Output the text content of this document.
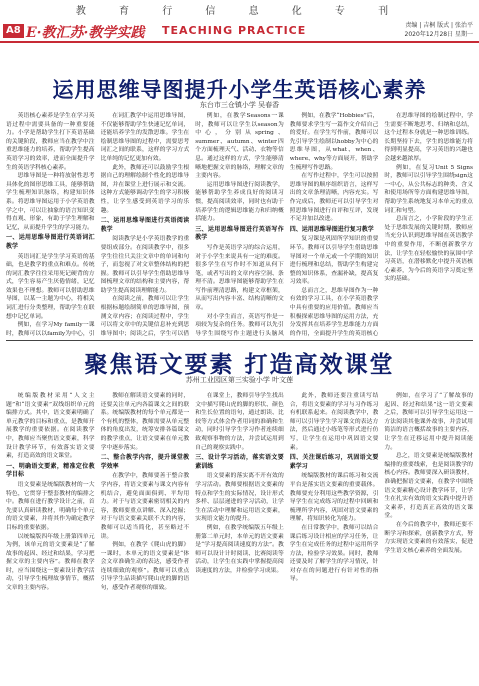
教 育 行 信 息 化 专 刊
A8 E·教汇苏·教学实践 TEACHING PRACTICE	责编 | 吉桐 版式 | 张治平
2020年12月28日 星期一
运用思维导图提升小学生英语核心素养
东台市三仓镇小学 吴春香

英语核心素养是学生在学习英语过程中需要具备的一种重要能力。小学是帮助学生打下英语基础的关键阶段，教师应当在教学中注重思维能力的培养，帮助学生提高英语学习的效率，进而全面提升学生的英语学科核心素养。

思维导图是一种将放射性思考具体化的图形思维工具，能够帮助学生梳理知识脉络，构建知识体系。将思维导图运用于小学英语教学之中，可以让抽象的语言知识变得直观、形象，有助于学生理解和记忆，从而提升学生的学习能力。

一、运用思维导图进行英语词汇教学

英语词汇是学生学习英语的基础，也是教学的重点和难点。传统的词汇教学往往采用死记硬背的方式，学生容易产生厌倦情绪，记忆效果也不理想。教师可以借助思维导图，以某一主题为中心，将相关词汇进行分类整理，帮助学生在联想中记忆单词。

例如，在学习My family一课时，教师可以以family为中心，引

在词汇教学中运用思维导图，不仅能够帮助学生快速记忆单词，还能培养学生的发散思维。学生在绘制思维导图的过程中，需要思考词汇之间的联系，这样的学习方式比单纯的记忆更加有效。

此外，教师还可以鼓励学生根据自己的理解绘制个性化的思维导图，并在课堂上进行展示和交流。这种方式能够调动学生的学习积极性，让学生感受到英语学习的乐趣。

二、运用思维导图进行英语阅读教学

阅读教学是小学英语教学的重要组成部分。在阅读教学中，很多学生往往只关注文章中的单词和句子，而忽视了对文章整体结构的把握。教师可以引导学生借助思维导图梳理文章的结构和主要内容，帮助学生提高阅读理解能力。

在阅读之前，教师可以让学生根据标题绘制简单的思维导图，预测文章内容；在阅读过程中，学生可以将文章中的关键信息补充到思维导图中；阅读之后，学生可以借

例如，在教学Seasons一课时，教师可以让学生以season为中心，分别从spring、summer、autumn、winter四个方面梳理天气、活动、衣物等信息。通过这样的方式，学生能够清晰地把握文章的脉络，理解文章的主要内容。

运用思维导图进行阅读教学，能够帮助学生养成良好的阅读习惯，提高阅读效率，同时也有助于培养学生的逻辑思维能力和归纳概括能力。

三、运用思维导图进行英语写作教学

写作是英语学习的综合运用，对于小学生来说具有一定的难度。很多学生在写作时不知道从何下笔，或者写出的文章内容空洞、条理不清。思维导图能够帮助学生在写作前理清思路，构建文章框架，从而写出内容丰富、结构清晰的文章。

对小学生而言，英语写作是一项较为复杂的任务。教师可以先引导学生围绕写作主题进行头脑风

例如，在教学“Hobbies”后，教师要求学生写一篇作文介绍自己的爱好。在学生写作前，教师可以先引导学生绘制以hobby为中心的思维导图，从what、when、where、why等方面展开，帮助学生梳理写作思路。

在写作过程中，学生可以按照思维导图的顺序组织语言，这样写出的文章条理清晰，内容充实。写作完成后，教师还可以引导学生对照思维导图进行自评和互评，发现不足并加以改进。

四、运用思维导图进行复习教学

复习课是巩固所学知识的重要环节。教师可以引导学生借助思维导图对一个单元或一个学期的知识进行梳理和总结，帮助学生构建完整的知识体系，查漏补缺，提高复习效率。

总而言之，思维导图作为一种有效的学习工具，在小学英语教学中具有重要的应用价值。教师应当积极探索思维导图的运用方法，充分发挥其在培养学生思维能力方面的作用，全面提升学生的英语核心

在思维导图的绘制过程中，学生需要不断地思考、归纳和总结，这个过程本身就是一种思维训练。长期坚持下去，学生的思维能力将得到明显提高，学习英语的兴趣也会越来越浓厚。

例如，在复习Unit 5 Signs时，教师可以引导学生围绕sign这一中心，从公共标志的种类、含义和使用场所等方面构建思维导图，帮助学生系统地复习本单元的重点词汇和句型。

总而言之，小学阶段的学生正处于思维发展的关键时期，教师应当充分认识到思维导图在英语教学中的重要作用，不断创新教学方法，让学生在轻松愉快的氛围中学习英语，在潜移默化中提升英语核心素养，为今后的英语学习奠定坚实的基础。

聚焦语文要素 打造高效课堂
苏州工业园区第三实验小学 叶文莲

统编版教材采用“人文主题”和“语文要素”双线组织单元的编排方式。其中，语文要素明确了单元教学的目标和重点，是教师开展教学的重要依据。在阅读教学中，教师应当聚焦语文要素，科学设计教学环节，有效落实语文要素，打造高效的语文课堂。

一、明确语文要素，精准定位教学目标

语文要素是统编版教材的一大特色，它贯穿于整套教材的编排之中。教师在进行教学设计之前，首先要认真研读教材，明确每个单元的语文要素，并将其作为确定教学目标的重要依据。

以统编版四年级上册第四单元为例，该单元的语文要素是“了解故事的起因、经过和结果，学习把握文章的主要内容”。教师在教学时，应当围绕这一要素设计教学活动，引导学生梳理故事情节，概括文章的主要内容。

教师在解读语文要素的同时，还要关注单元内各篇课文之间的联系。统编版教材的每个单元都是一个有机的整体，教师需要从单元整体的角度出发，统筹安排各篇课文的教学重点，让语文要素在单元教学中逐步落实。

二、整合教学内容，提升课堂教学效率

在教学中，教师要善于整合教学内容，将语文要素与课文内容有机结合，避免面面俱到、平均用力。对于与语文要素密切相关的内容，教师要重点讲解、深入挖掘；对于与语文要素关联不大的内容，教师可以适当简化，甚至略过不讲。

例如，在教学《爬山虎的脚》一课时，本单元的语文要素是“体会文章准确生动的表达，感受作者连续细致的观察”。教师可以重点引导学生品读描写爬山虎的脚的语句，感受作者观察的细致。

在课堂上，教师引导学生找出文中描写爬山虎的脚的形状、颜色和生长位置的语句，通过朗读、比较等方式体会作者用词的准确和生动，同时引导学生学习作者连续细致观察事物的方法，并尝试运用到自己的观察实践中。

三、设计学习活动，落实语文要素训练

语文要素的落实离不开有效的学习活动。教师要根据语文要素的特点和学生的实际情况，设计形式多样、层层递进的学习活动，让学生在活动中理解和运用语文要素，实现语文能力的提升。

例如，在教学统编版五年级上册第二单元时，本单元的语文要素是“学习提高阅读速度的方法”。教师可以设计计时阅读、比赛阅读等活动，让学生在实践中掌握提高阅读速度的方法，并检验学习成果。

此外，教师还要注重读写结合，将语文要素的学习与习作练习有机联系起来。在阅读教学中，教师可以引导学生学习课文的表达方法，然后通过小练笔等形式进行仿写，让学生在运用中巩固语文要素。

四、关注课后练习，巩固语文要素学习

统编版教材的课后练习和交流平台是落实语文要素的重要载体。教师要充分利用这些教学资源，引导学生在完成练习的过程中回顾和梳理所学内容，巩固对语文要素的理解，将知识转化为能力。

在日常教学中，教师可以结合课后练习设计相应的学习任务，让学生在完成任务的过程中运用所学方法，检验学习效果。同时，教师还要及时了解学生的学习情况，针对存在的问题进行有针对性的指导。

例如，在学习了“了解故事的起因、经过和结果”这一语文要素之后，教师可以引导学生运用这一方法阅读其他课外故事，并尝试用简洁的语言概括故事的主要内容，让学生在迁移运用中提升阅读能力。

总之，语文要素是统编版教材编排的重要线索，也是阅读教学的核心内容。教师要深入研读教材，准确把握语文要素，在教学中围绕语文要素精心设计教学环节，让学生在扎实有效的语文实践中提升语文素养，打造真正高效的语文课堂。

在今后的教学中，教师还要不断学习和探索，创新教学方式，努力实现语文要素的有效落实，促进学生语文核心素养的全面发展。
